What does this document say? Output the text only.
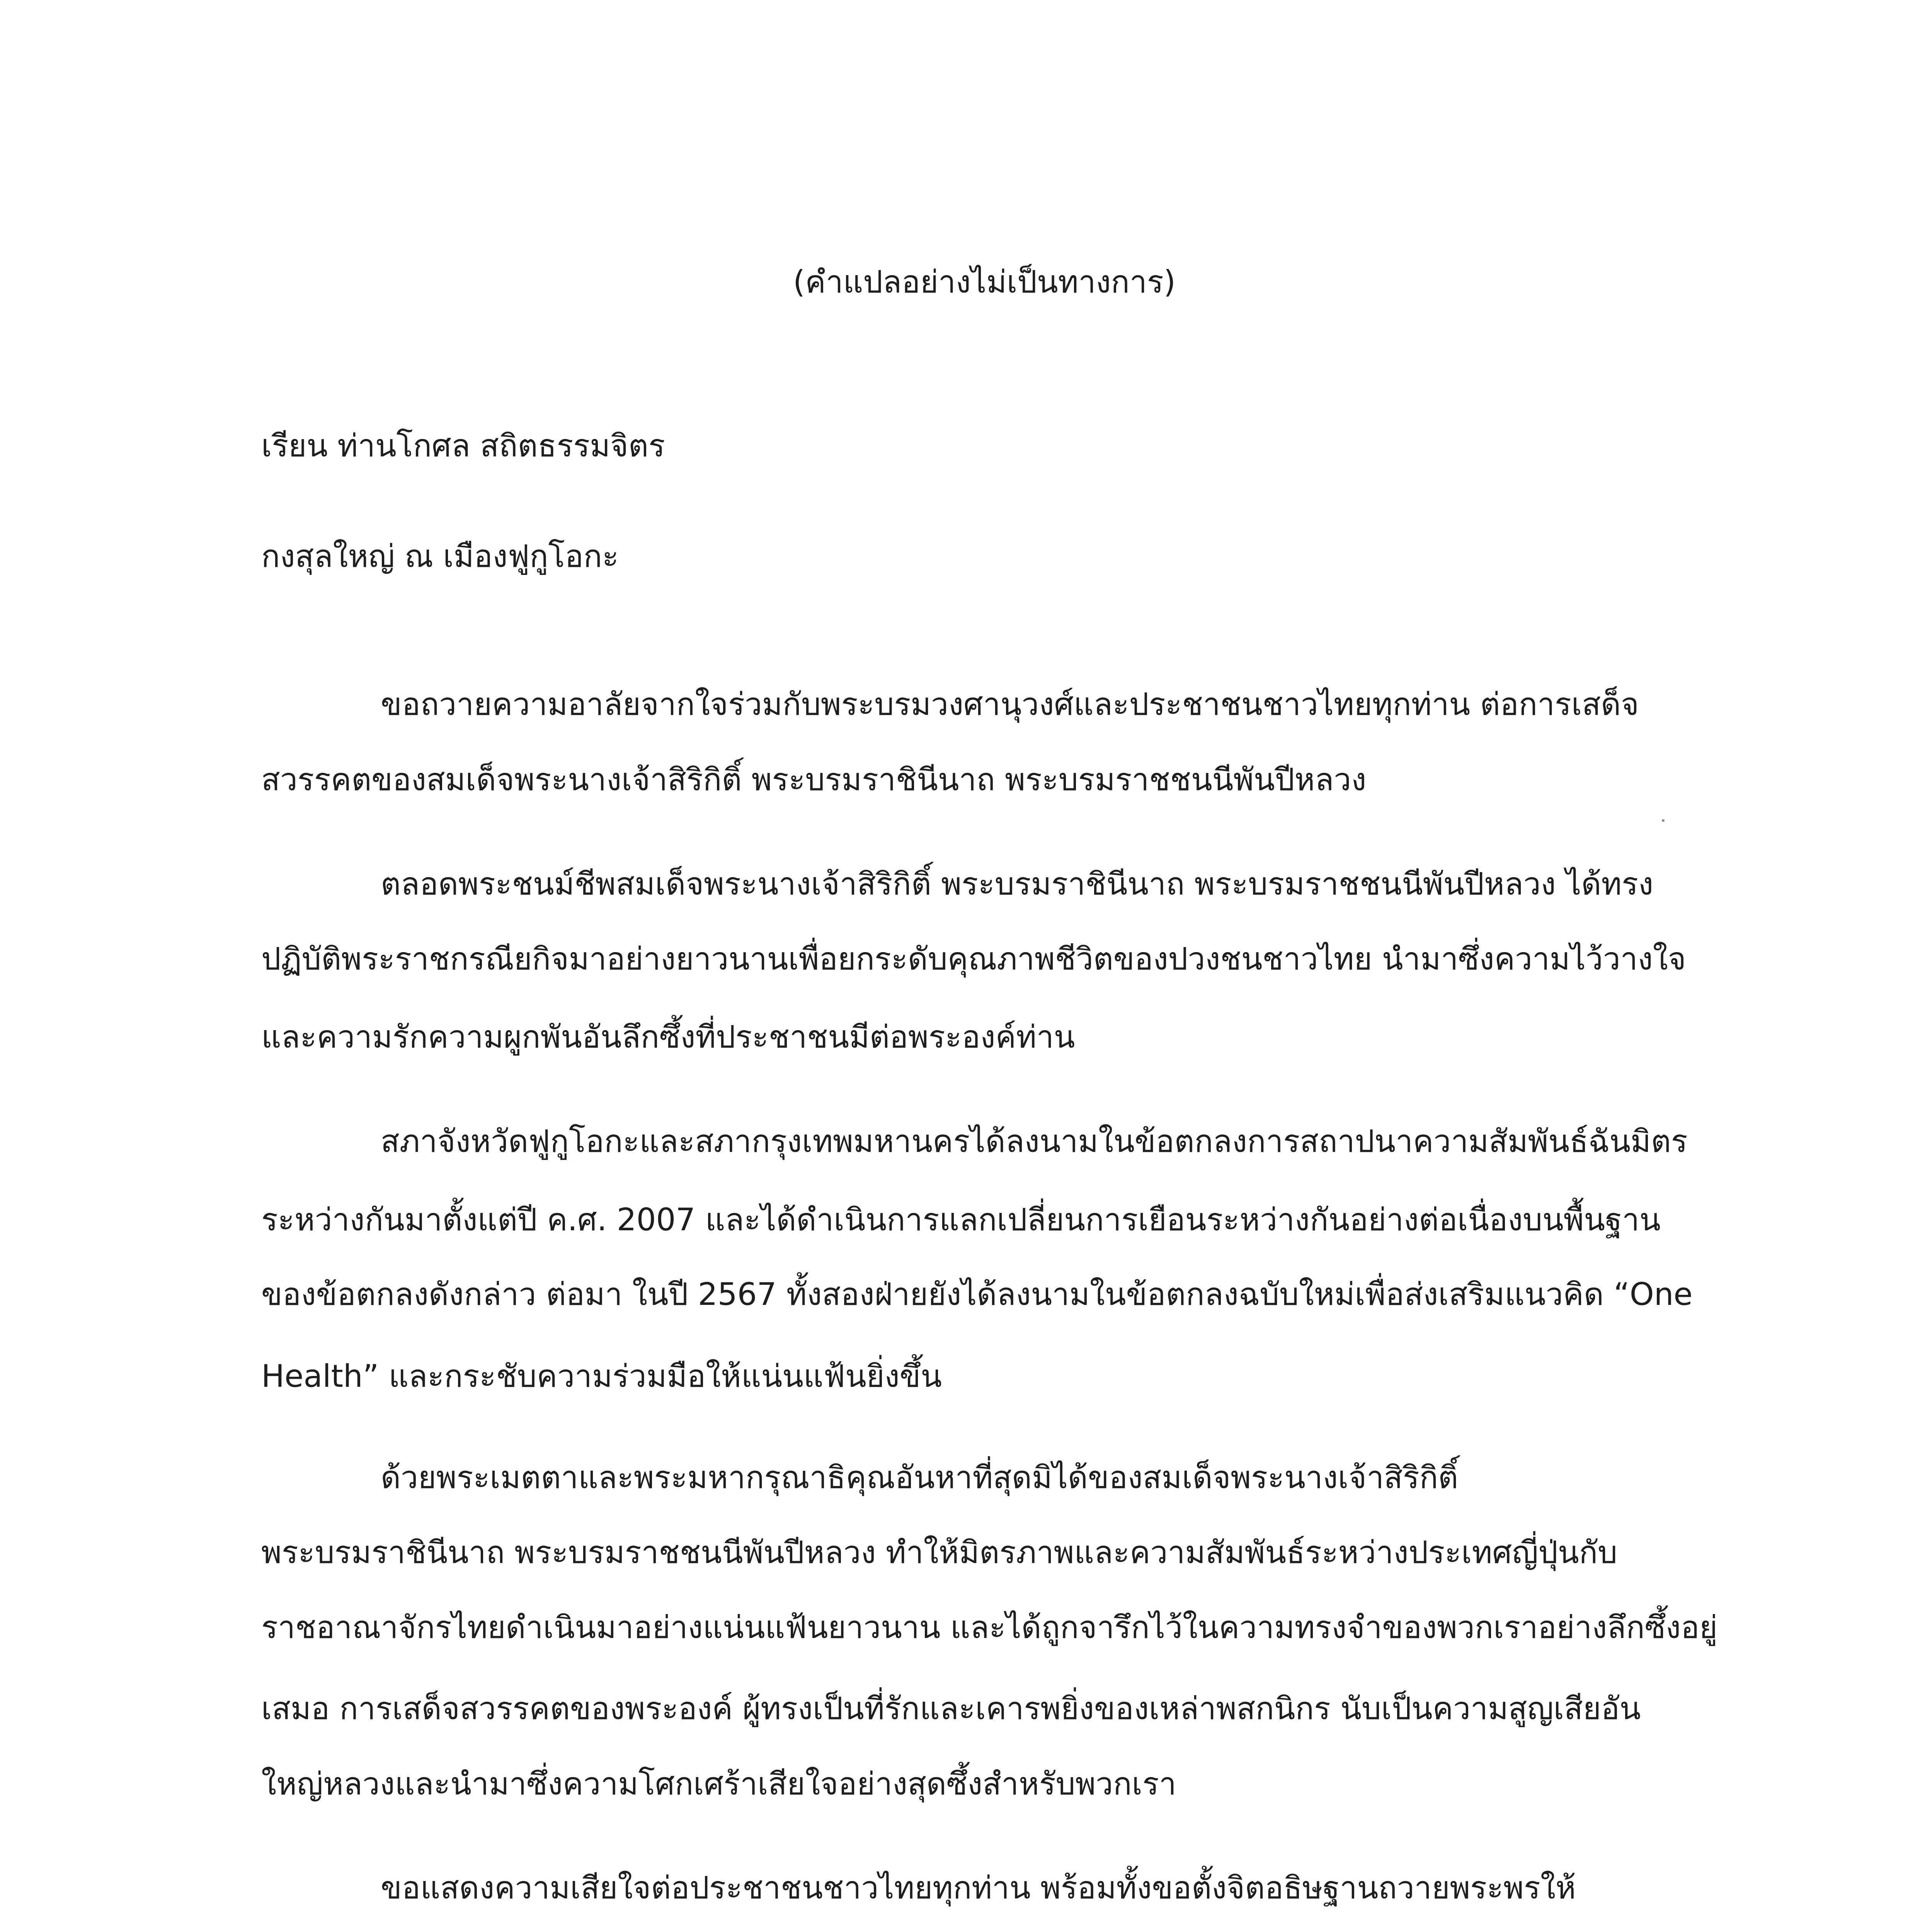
(คำแปลอย่างไม่เป็นทางการ)
เรียน ท่านโกศล สถิตธรรมจิตร
กงสุลใหญ่ ณ เมืองฟูกูโอกะ
ขอถวายความอาลัยจากใจร่วมกับพระบรมวงศานุวงศ์และประชาชนชาวไทยทุกท่าน ต่อการเสด็จ
สวรรคตของสมเด็จพระนางเจ้าสิริกิติ์ พระบรมราชินีนาถ พระบรมราชชนนีพันปีหลวง
ตลอดพระชนม์ชีพสมเด็จพระนางเจ้าสิริกิติ์ พระบรมราชินีนาถ พระบรมราชชนนีพันปีหลวง ได้ทรง
ปฏิบัติพระราชกรณียกิจมาอย่างยาวนานเพื่อยกระดับคุณภาพชีวิตของปวงชนชาวไทย นำมาซึ่งความไว้วางใจ
และความรักความผูกพันอันลึกซึ้งที่ประชาชนมีต่อพระองค์ท่าน
สภาจังหวัดฟูกูโอกะและสภากรุงเทพมหานครได้ลงนามในข้อตกลงการสถาปนาความสัมพันธ์ฉันมิตร
ระหว่างกันมาตั้งแต่ปี ค.ศ. 2007 และได้ดำเนินการแลกเปลี่ยนการเยือนระหว่างกันอย่างต่อเนื่องบนพื้นฐาน
ของข้อตกลงดังกล่าว ต่อมา ในปี 2567 ทั้งสองฝ่ายยังได้ลงนามในข้อตกลงฉบับใหม่เพื่อส่งเสริมแนวคิด “One
Health” และกระชับความร่วมมือให้แน่นแฟ้นยิ่งขึ้น
ด้วยพระเมตตาและพระมหากรุณาธิคุณอันหาที่สุดมิได้ของสมเด็จพระนางเจ้าสิริกิติ์
พระบรมราชินีนาถ พระบรมราชชนนีพันปีหลวง ทำให้มิตรภาพและความสัมพันธ์ระหว่างประเทศญี่ปุ่นกับ
ราชอาณาจักรไทยดำเนินมาอย่างแน่นแฟ้นยาวนาน และได้ถูกจารึกไว้ในความทรงจำของพวกเราอย่างลึกซึ้งอยู่
เสมอ การเสด็จสวรรคตของพระองค์ ผู้ทรงเป็นที่รักและเคารพยิ่งของเหล่าพสกนิกร นับเป็นความสูญเสียอัน
ใหญ่หลวงและนำมาซึ่งความโศกเศร้าเสียใจอย่างสุดซึ้งสำหรับพวกเรา
ขอแสดงความเสียใจต่อประชาชนชาวไทยทุกท่าน พร้อมทั้งขอตั้งจิตอธิษฐานถวายพระพรให้
